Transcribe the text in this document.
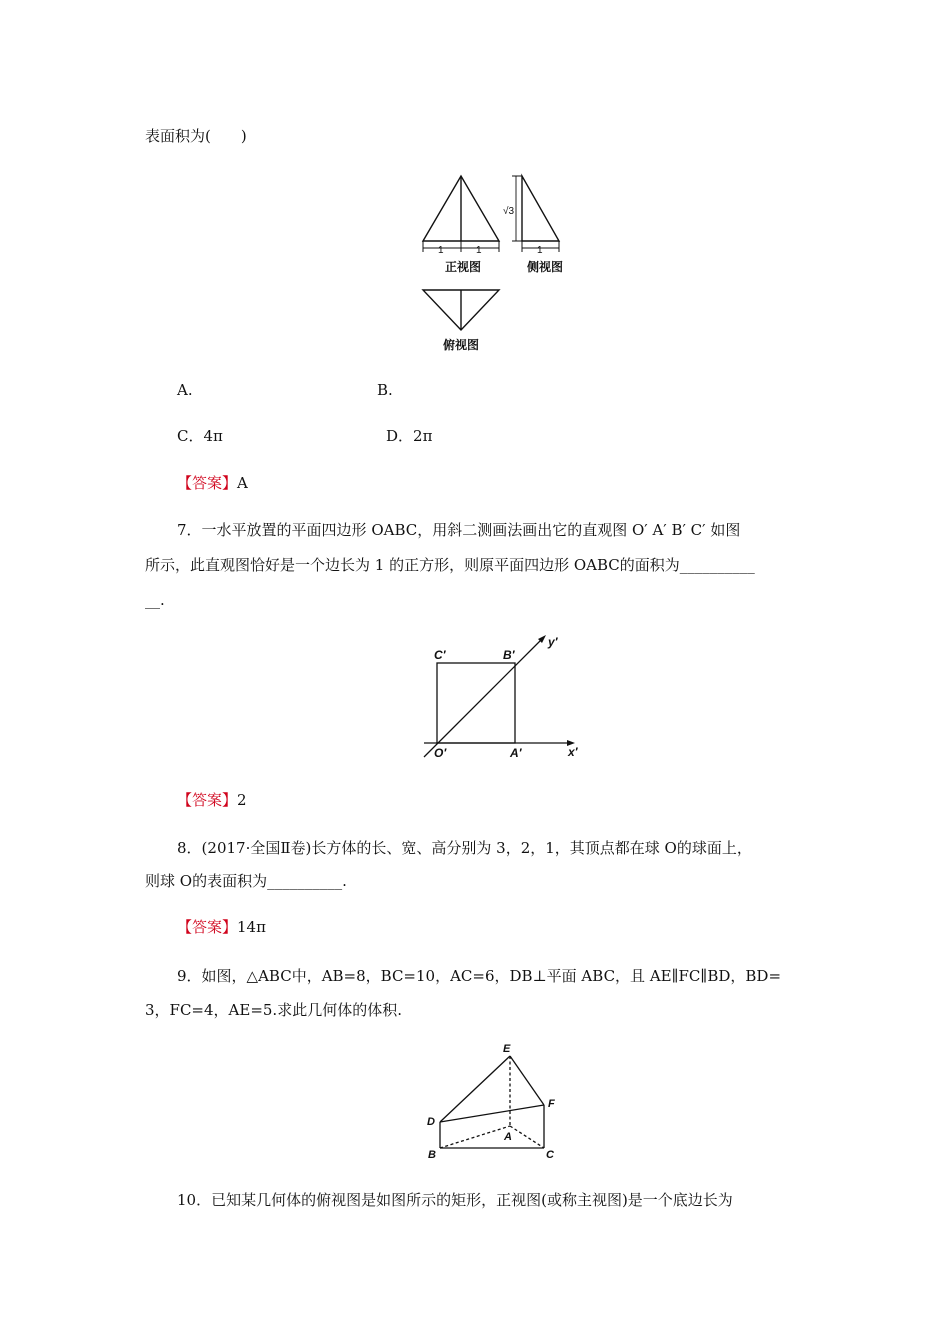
表面积为(　　)
1	1
正视图
√3
1
侧视图
俯视图
A.	B.
C．4π	D．2π
【答案】A
7．一水平放置的平面四边形 OABC，用斜二测画法画出它的直观图 O′ A′ B′ C′ 如图
所示，此直观图恰好是一个边长为 1 的正方形，则原平面四边形 OABC的面积为__________
__.
C′	B′
y′
O′	A′	x′
【答案】2
8．(2017·全国Ⅱ卷)长方体的长、宽、高分别为 3，2，1，其顶点都在球 O的球面上，
则球 O的表面积为__________.
【答案】14π
9．如图，△ABC中，AB=8，BC=10，AC=6，DB⊥平面 ABC，且 AE∥FC∥BD，BD=
3，FC=4，AE=5.求此几何体的体积.
E
D
F
A
B	C
10．已知某几何体的俯视图是如图所示的矩形，正视图(或称主视图)是一个底边长为
